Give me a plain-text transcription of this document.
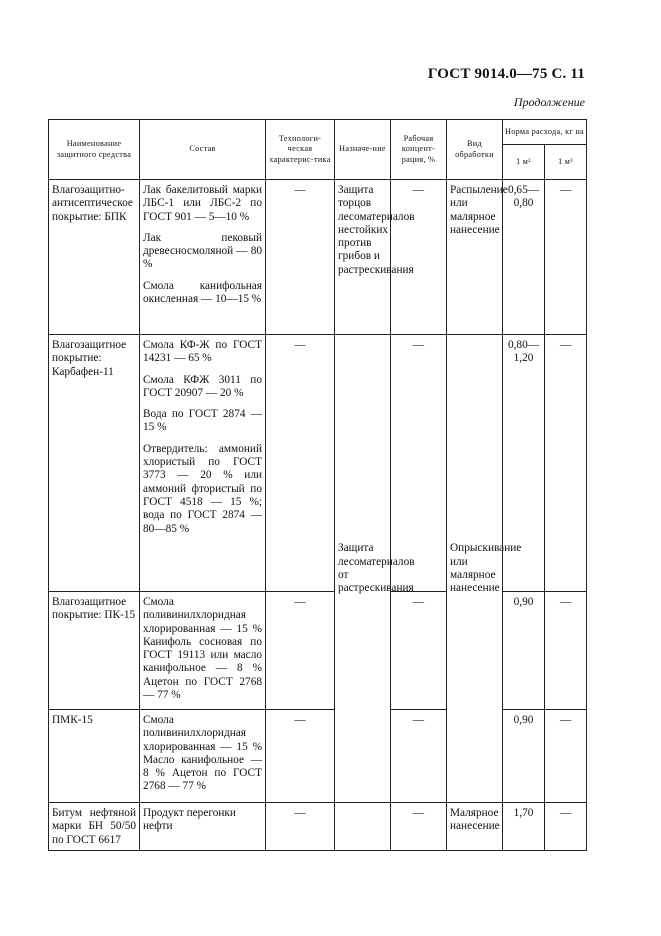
ГОСТ 9014.0—75 С. 11
Продолжение
Наименование защитного средства	Состав	Технологи-ческая характерис-тика	Назначе-ние	Рабочая концент-рация, %	Вид обработки	Норма расхода, кг на	
						1 м²	1 м³
Влагозащитно-антисептическое покрытие: БПК	Лак бакелитовый марки ЛБС-1 или ЛБС-2 по ГОСТ 901 — 5—10 %
Лак пековый древесносмоляной — 80 %
Смола канифольная окисленная — 10—15 %	—	Защита торцов лесоматериалов нестойких против грибов и растрескивания	—	Распыление или малярное нанесение	0,65—0,80	—
Влагозащитное покрытие: Карбафен-11	Смола КФ-Ж по ГОСТ 14231 — 65 %
Смола КФЖ 3011 по ГОСТ 20907 — 20 %
Вода по ГОСТ 2874 — 15 %
Отвердитель: аммоний хлористый по ГОСТ 3773 — 20 % или аммоний фтористый по ГОСТ 4518 — 15 %; вода по ГОСТ 2874 — 80—85 %	—	Защита лесоматериалов от растрескивания	—	Опрыскивание или малярное нанесение	0,80—1,20	—
Влагозащитное покрытие: ПК-15	Смола поливинилхлоридная хлорированная — 15 % Канифоль сосновая по ГОСТ 19113 или масло канифольное — 8 % Ацетон по ГОСТ 2768 — 77 %	—		—		0,90	—
ПМК-15	Смола поливинилхлоридная хлорированная — 15 % Масло канифольное — 8 % Ацетон по ГОСТ 2768 — 77 %	—		—		0,90	—
Битум нефтяной марки БН 50/50 по ГОСТ 6617	Продукт перегонки нефти	—		—	Малярное нанесение	1,70	—
